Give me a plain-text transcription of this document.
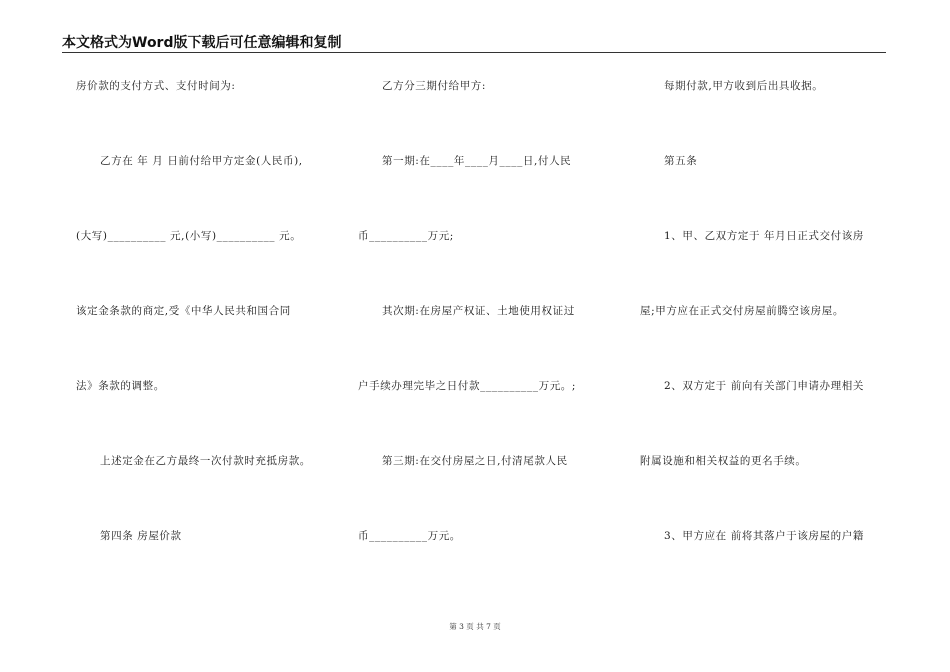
本文格式为Word版下载后可任意编辑和复制
房价款的支付方式、支付时间为:
乙方在 年 月 日前付给甲方定金(人民币),
(大写)__________ 元,(小写)__________ 元。
该定金条款的商定,受《中华人民共和国合同
法》条款的调整。
上述定金在乙方最终一次付款时充抵房款。
第四条 房屋价款
乙方分三期付给甲方:
第一期:在____年____月____日,付人民
币__________万元;
其次期:在房屋产权证、土地使用权证过
户手续办理完毕之日付款__________万元。;
第三期:在交付房屋之日,付清尾款人民
币__________万元。
每期付款,甲方收到后出具收据。
第五条
1、甲、乙双方定于 年月日正式交付该房
屋;甲方应在正式交付房屋前腾空该房屋。
2、双方定于 前向有关部门申请办理相关
附属设施和相关权益的更名手续。
3、甲方应在 前将其落户于该房屋的户籍
第 3 页 共 7 页
